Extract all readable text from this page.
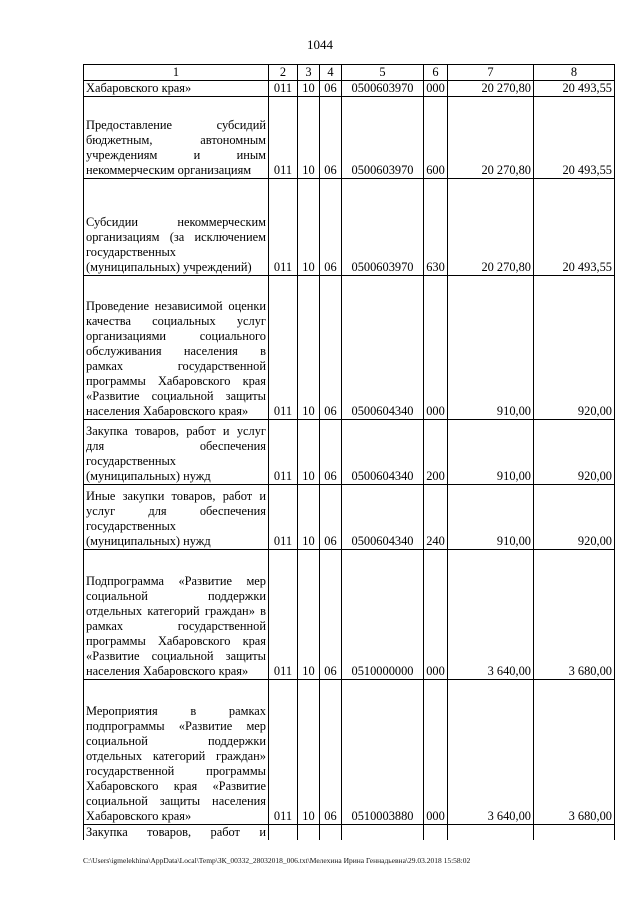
1044
1	2	3	4	5	6	7	8
Хабаровского края»	011	10	06	0500603970	000	20 270,80	20 493,55
Предоставление субсидий бюджетным, автономным учреждениям и иным некоммерческим организациям	011	10	06	0500603970	600	20 270,80	20 493,55
Субсидии некоммерческим организациям (за исключением государственных (муниципальных) учреждений)	011	10	06	0500603970	630	20 270,80	20 493,55
Проведение независимой оценки качества социальных услуг организациями социального обслуживания населения в рамках государственной программы Хабаровского края «Развитие социальной защиты населения Хабаровского края»	011	10	06	0500604340	000	910,00	920,00
Закупка товаров, работ и услуг для обеспечения государственных (муниципальных) нужд	011	10	06	0500604340	200	910,00	920,00
Иные закупки товаров, работ и услуг для обеспечения государственных (муниципальных) нужд	011	10	06	0500604340	240	910,00	920,00
Подпрограмма «Развитие мер социальной поддержки отдельных категорий граждан» в рамках государственной программы Хабаровского края «Развитие социальной защиты населения Хабаровского края»	011	10	06	0510000000	000	3 640,00	3 680,00
Мероприятия в рамках подпрограммы «Развитие мер социальной поддержки отдельных категорий граждан» государственной программы Хабаровского края «Развитие социальной защиты населения Хабаровского края»	011	10	06	0510003880	000	3 640,00	3 680,00
Закупка товаров, работ и							
C:\Users\igmelekhina\AppData\Local\Temp\ЗК_00332_28032018_006.txt\Мелехина Ирина Геннадьевна\29.03.2018 15:58:02
